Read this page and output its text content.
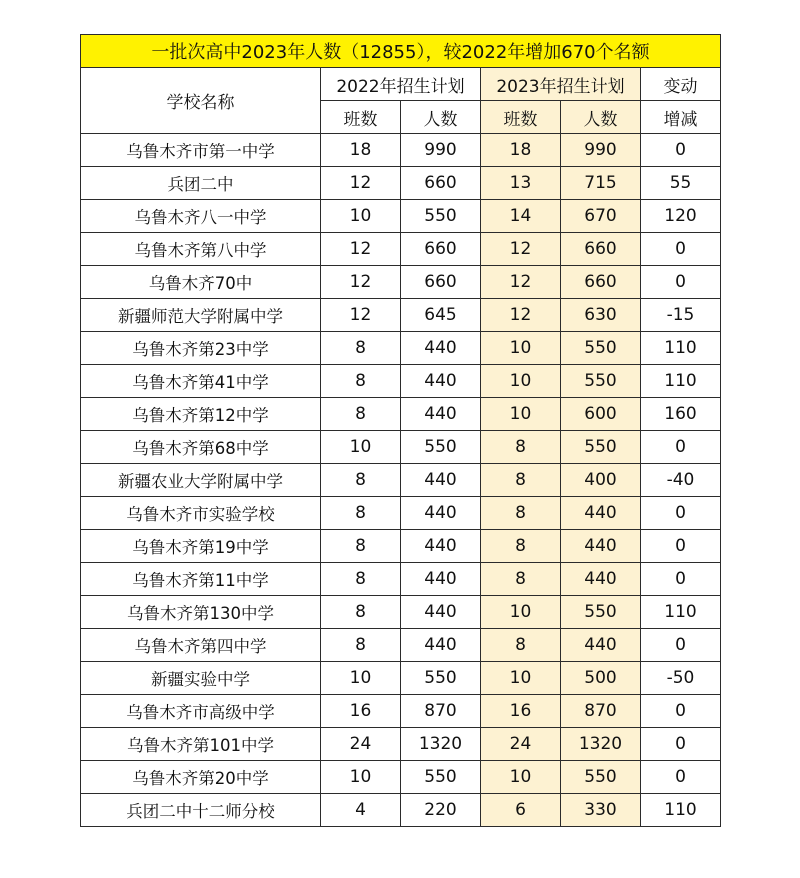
一批次高中2023年人数（12855），较2022年增加670个名额					
学校名称	2022年招生计划		2023年招生计划		变动
	班数	人数	班数	人数	增减
乌鲁木齐市第一中学	18	990	18	990	0
兵团二中	12	660	13	715	55
乌鲁木齐八一中学	10	550	14	670	120
乌鲁木齐第八中学	12	660	12	660	0
乌鲁木齐70中	12	660	12	660	0
新疆师范大学附属中学	12	645	12	630	-15
乌鲁木齐第23中学	8	440	10	550	110
乌鲁木齐第41中学	8	440	10	550	110
乌鲁木齐第12中学	8	440	10	600	160
乌鲁木齐第68中学	10	550	8	550	0
新疆农业大学附属中学	8	440	8	400	-40
乌鲁木齐市实验学校	8	440	8	440	0
乌鲁木齐第19中学	8	440	8	440	0
乌鲁木齐第11中学	8	440	8	440	0
乌鲁木齐第130中学	8	440	10	550	110
乌鲁木齐第四中学	8	440	8	440	0
新疆实验中学	10	550	10	500	-50
乌鲁木齐市高级中学	16	870	16	870	0
乌鲁木齐第101中学	24	1320	24	1320	0
乌鲁木齐第20中学	10	550	10	550	0
兵团二中十二师分校	4	220	6	330	110
